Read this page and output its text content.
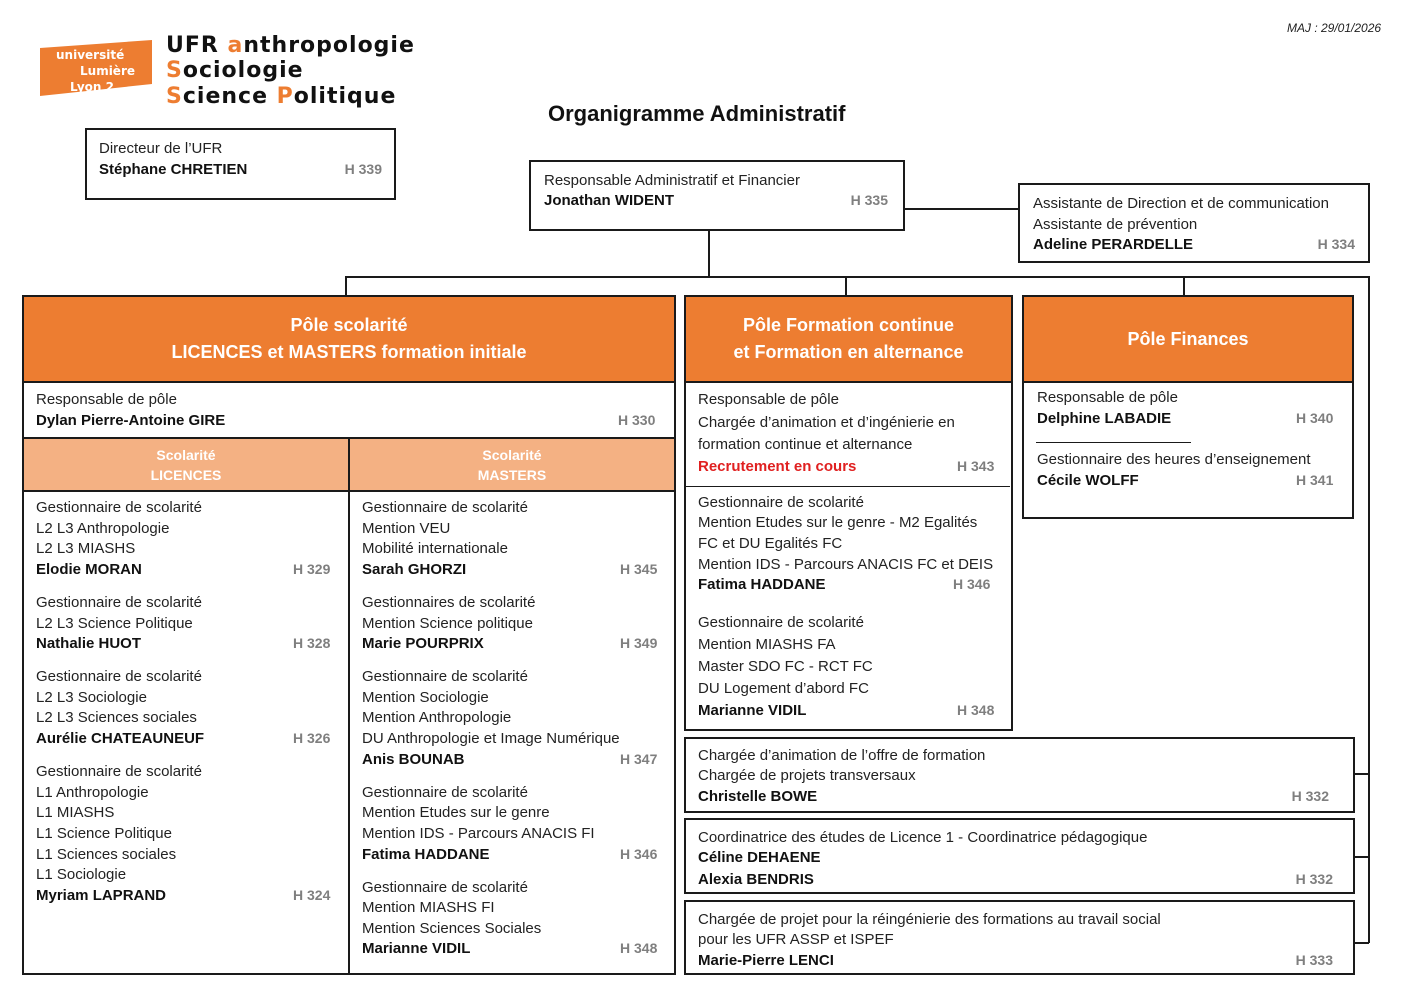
MAJ : 29/01/2026
université
Lumière
Lyon 2
UFR anthropologie
Sociologie
Science Politique
Organigramme Administratif
Directeur de l’UFR
Stéphane CHRETIEN	H 339
Responsable Administratif et Financier
Jonathan WIDENT	H 335	Assistante de Direction et de communication
Assistante de prévention
Adeline PERARDELLE	H 334
Pôle scolarité
LICENCES et MASTERS formation initiale
Responsable de pôle
Dylan Pierre-Antoine GIRE	H 330
Scolarité
LICENCES
Scolarité
MASTERS
Gestionnaire de scolarité
L2 L3 Anthropologie
L2 L3 MIASHS
Elodie MORAN	H 329
Gestionnaire de scolarité
L2 L3 Science Politique
Nathalie HUOT	H 328
Gestionnaire de scolarité
L2 L3 Sociologie
L2 L3 Sciences sociales
Aurélie CHATEAUNEUF	H 326
Gestionnaire de scolarité
L1 Anthropologie
L1 MIASHS
L1 Science Politique
L1 Sciences sociales
L1 Sociologie
Myriam LAPRAND	H 324
Gestionnaire de scolarité
Mention VEU
Mobilité internationale
Sarah GHORZI	H 345
Gestionnaires de scolarité
Mention Science politique
Marie POURPRIX	H 349
Gestionnaire de scolarité
Mention Sociologie
Mention Anthropologie
DU Anthropologie et Image Numérique
Anis BOUNAB	H 347
Gestionnaire de scolarité
Mention Etudes sur le genre
Mention IDS - Parcours ANACIS FI
Fatima HADDANE	H 346
Gestionnaire de scolarité
Mention MIASHS FI
Mention Sciences Sociales
Marianne VIDIL	H 348
Pôle Formation continue
et Formation en alternance
Responsable de pôle
Chargée d’animation et d’ingénierie en
formation continue et alternance
Recrutement en cours	H 343
Gestionnaire de scolarité
Mention Etudes sur le genre - M2 Egalités
FC et DU Egalités FC
Mention IDS - Parcours ANACIS FC et DEIS
Fatima HADDANE	H 346
Gestionnaire de scolarité
Mention MIASHS FA
Master SDO FC - RCT FC
DU Logement d’abord FC
Marianne VIDIL	H 348
Pôle Finances
Responsable de pôle
Delphine LABADIE	H 340
Gestionnaire des heures d’enseignement
Cécile WOLFF	H 341
Chargée d’animation de l’offre de formation
Chargée de projets transversaux
Christelle BOWE	H 332
Coordinatrice des études de Licence 1 - Coordinatrice pédagogique
Céline DEHAENE
Alexia BENDRIS	H 332
Chargée de projet pour la réingénierie des formations au travail social
pour les UFR ASSP et ISPEF
Marie-Pierre LENCI	H 333
